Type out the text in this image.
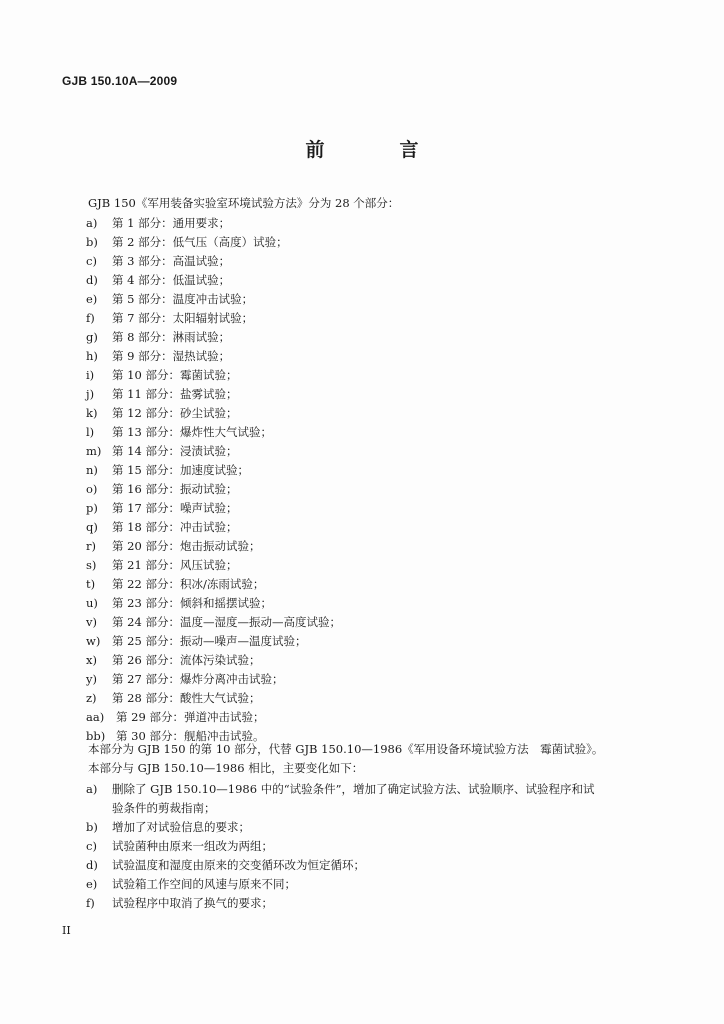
GJB 150.10A—2009
前　言
GJB 150《军用装备实验室环境试验方法》分为 28 个部分：
a) 第 1 部分：通用要求；
b) 第 2 部分：低气压（高度）试验；
c) 第 3 部分：高温试验；
d) 第 4 部分：低温试验；
e) 第 5 部分：温度冲击试验；
f) 第 7 部分：太阳辐射试验；
g) 第 8 部分：淋雨试验；
h) 第 9 部分：湿热试验；
i) 第 10 部分：霉菌试验；
j) 第 11 部分：盐雾试验；
k) 第 12 部分：砂尘试验；
l) 第 13 部分：爆炸性大气试验；
m) 第 14 部分：浸渍试验；
n) 第 15 部分：加速度试验；
o) 第 16 部分：振动试验；
p) 第 17 部分：噪声试验；
q) 第 18 部分：冲击试验；
r) 第 20 部分：炮击振动试验；
s) 第 21 部分：风压试验；
t) 第 22 部分：积冰/冻雨试验；
u) 第 23 部分：倾斜和摇摆试验；
v) 第 24 部分：温度—湿度—振动—高度试验；
w) 第 25 部分：振动—噪声—温度试验；
x) 第 26 部分：流体污染试验；
y) 第 27 部分：爆炸分离冲击试验；
z) 第 28 部分：酸性大气试验；
aa) 第 29 部分：弹道冲击试验；
bb) 第 30 部分：舰船冲击试验。
本部分为 GJB 150 的第 10 部分，代替 GJB 150.10—1986《军用设备环境试验方法　霉菌试验》。
本部分与 GJB 150.10—1986 相比，主要变化如下：
a) 删除了 GJB 150.10—1986 中的“试验条件”，增加了确定试验方法、试验顺序、试验程序和试
验条件的剪裁指南；
b) 增加了对试验信息的要求；
c) 试验菌种由原来一组改为两组；
d) 试验温度和湿度由原来的交变循环改为恒定循环；
e) 试验箱工作空间的风速与原来不同；
f) 试验程序中取消了换气的要求；
II
